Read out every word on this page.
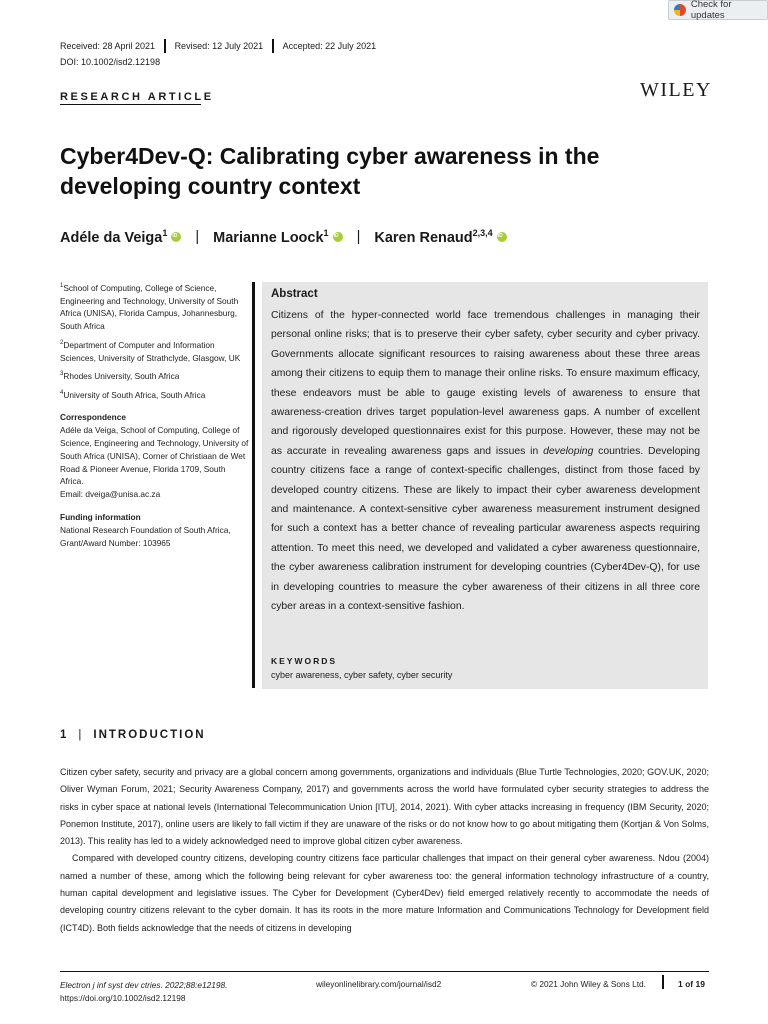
Received: 28 April 2021 Revised: 12 July 2021 Accepted: 22 July 2021
DOI: 10.1002/isd2.12198
Check for updates
RESEARCH ARTICLE	WILEY
Cyber4Dev-Q: Calibrating cyber awareness in the developing country context
Adéle da Veiga$^1$ iD | Marianne Loock$^1$ iD | Karen Renaud$^{2,3,4}$
iD

$^1$School of Computing, College of Science, Engineering and Technology, University of South Africa (UNISA), Florida Campus, Johannesburg, South Africa

$^2$Department of Computer and Information Sciences, University of Strathclyde, Glasgow, UK

$^3$Rhodes University, South Africa

$^4$University of South Africa, South Africa

Correspondence

Adéle da Veiga, School of Computing, College of Science, Engineering and Technology, University of South Africa (UNISA), Corner of Christiaan de Wet Road & Pioneer Avenue, Florida 1709, South Africa.

Email: dveiga@unisa.ac.za

Funding information

National Research Foundation of South Africa, Grant/Award Number: 103965

Abstract

Citizens of the hyper-connected world face tremendous challenges in managing their personal online risks; that is to preserve their cyber safety, cyber security and cyber privacy. Governments allocate significant resources to raising awareness about these three areas among their citizens to equip them to manage their online risks. To ensure maximum efficacy, these endeavors must be able to gauge existing levels of awareness to ensure that awareness-creation drives target population-level awareness gaps. A number of excellent and rigorously developed questionnaires exist for this purpose. However, these may not be as accurate in revealing awareness gaps and issues in developing countries. Developing country citizens face a range of context-specific challenges, distinct from those faced by developed country citizens. These are likely to impact their cyber awareness development and maintenance. A context-sensitive cyber awareness measurement instrument designed for such a context has a better chance of revealing particular awareness aspects requiring attention. To meet this need, we developed and validated a cyber awareness questionnaire, the cyber awareness calibration instrument for developing countries (Cyber4Dev-Q), for use in developing countries to measure the cyber awareness of their citizens in all three core cyber areas in a context-sensitive fashion.

KEYWORDS
cyber awareness, cyber safety, cyber security
1 | INTRODUCTION

Citizen cyber safety, security and privacy are a global concern among governments, organizations and individuals (Blue Turtle Technologies, 2020; GOV.UK, 2020; Oliver Wyman Forum, 2021; Security Awareness Company, 2017) and governments across the world have formulated cyber security strategies to address the risks in cyber space at national levels (International Telecommunication Union [ITU], 2014, 2021). With cyber attacks increasing in frequency (IBM Security, 2020; Ponemon Institute, 2017), online users are likely to fall victim if they are unaware of the risks or do not know how to go about mitigating them (Kortjan & Von Solms, 2013). This reality has led to a widely acknowledged need to improve global citizen cyber awareness.

Compared with developed country citizens, developing country citizens face particular challenges that impact on their general cyber awareness. Ndou (2004) named a number of these, among which the following being relevant for cyber awareness too: the general information technology infrastructure of a country, human capital development and legislative issues. The Cyber for Development (Cyber4Dev) field emerged relatively recently to accommodate the needs of developing country citizens relevant to the cyber domain. It has its roots in the more mature Information and Communications Technology for Development field (ICT4D). Both fields acknowledge that the needs of citizens in developing

Electron j inf syst dev ctries. 2022;88:e12198.
https://doi.org/10.1002/isd2.12198
wileyonlinelibrary.com/journal/isd2	© 2021 John Wiley & Sons Ltd.	1 of 19
